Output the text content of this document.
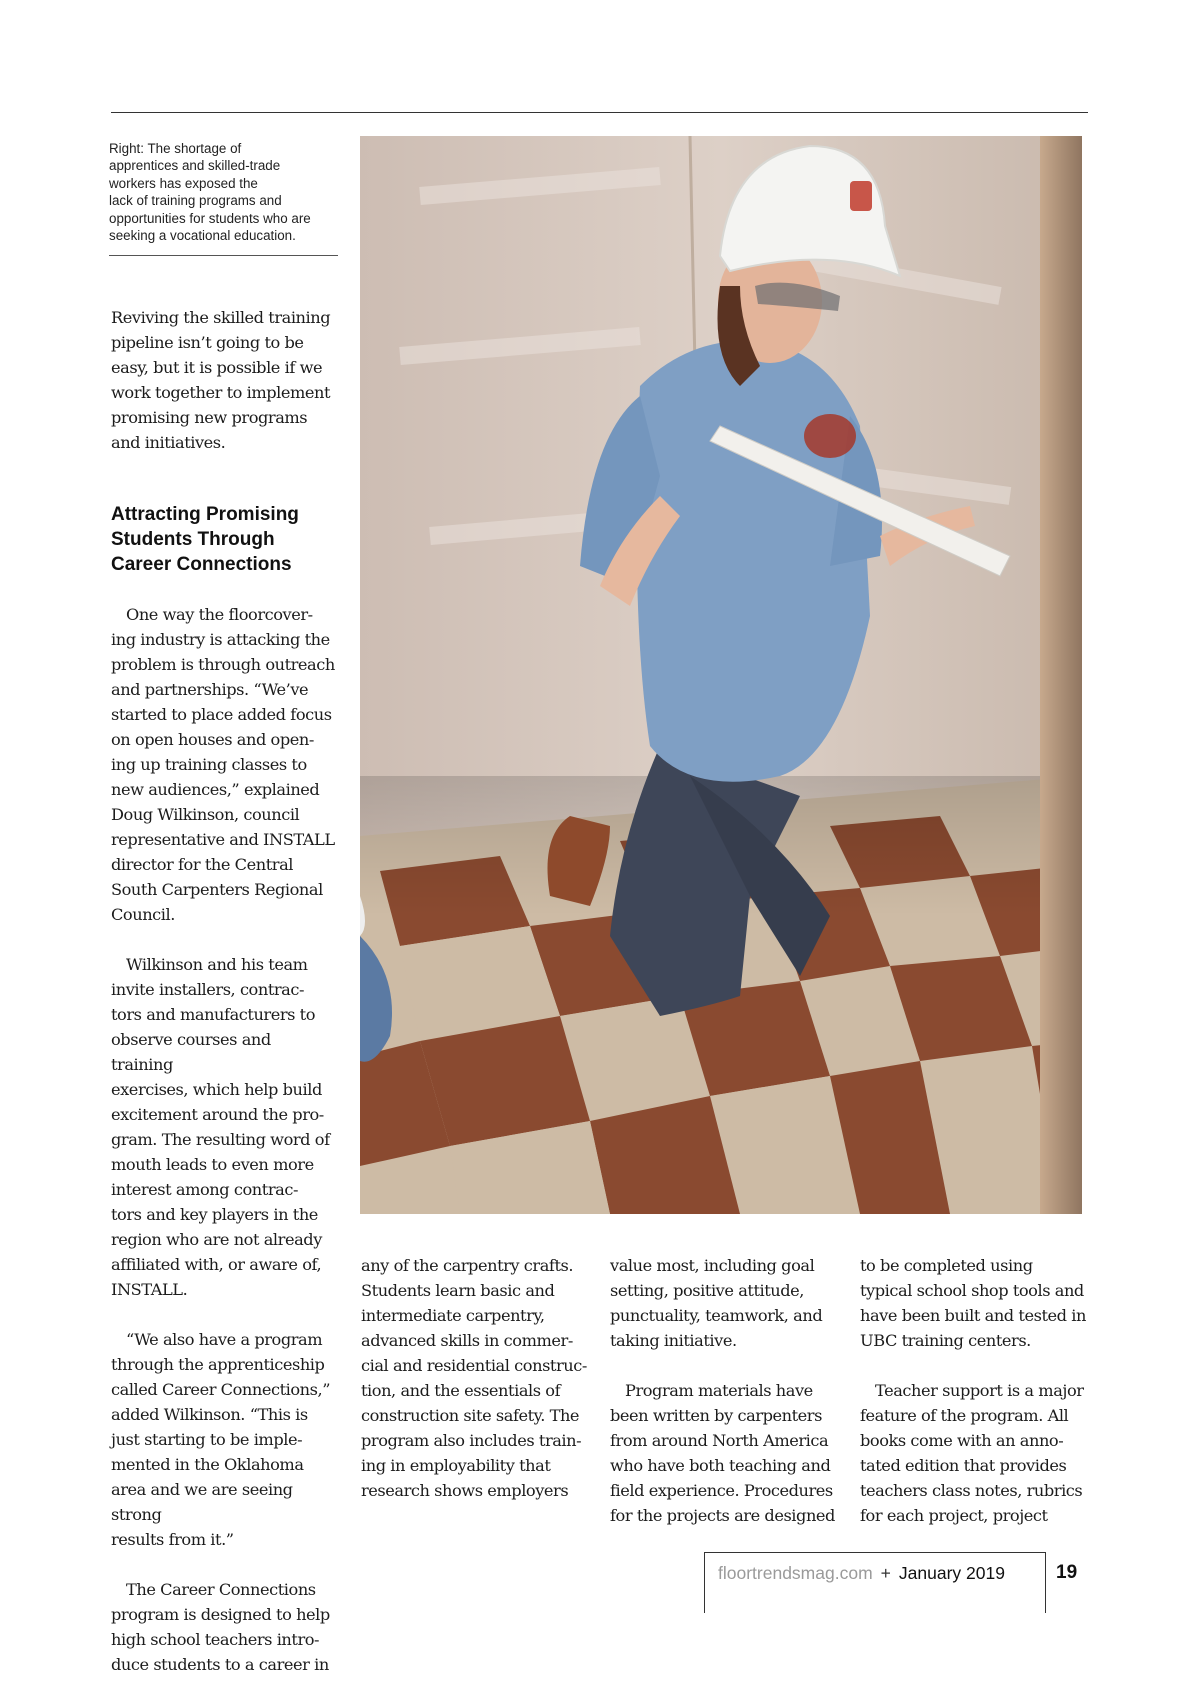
Right: The shortage of
apprentices and skilled-trade
workers has exposed the
lack of training programs and
opportunities for students who are
seeking a vocational education.

Reviving the skilled training
pipeline isn’t going to be
easy, but it is possible if we
work together to implement
promising new programs
and initiatives.

Attracting Promising
Students Through
Career Connections

One way the floorcover-
ing industry is attacking the
problem is through outreach
and partnerships. “We’ve
started to place added focus
on open houses and open-
ing up training classes to
new audiences,” explained
Doug Wilkinson, council
representative and INSTALL
director for the Central
South Carpenters Regional
Council.

Wilkinson and his team
invite installers, contrac-
tors and manufacturers to
observe courses and training
exercises, which help build
excitement around the pro-
gram. The resulting word of
mouth leads to even more
interest among contrac-
tors and key players in the
region who are not already
affiliated with, or aware of,
INSTALL.

“We also have a program
through the apprenticeship
called Career Connections,”
added Wilkinson. “This is
just starting to be imple-
mented in the Oklahoma
area and we are seeing strong
results from it.”

The Career Connections
program is designed to help
high school teachers intro-
duce students to a career in

any of the carpentry crafts.
Students learn basic and
intermediate carpentry,
advanced skills in commer-
cial and residential construc-
tion, and the essentials of
construction site safety. The
program also includes train-
ing in employability that
research shows employers

value most, including goal
setting, positive attitude,
punctuality, teamwork, and
taking initiative.

Program materials have
been written by carpenters
from around North America
who have both teaching and
field experience. Procedures
for the projects are designed

to be completed using
typical school shop tools and
have been built and tested in
UBC training centers.

Teacher support is a major
feature of the program. All
books come with an anno-
tated edition that provides
teachers class notes, rubrics
for each project, project

floortrendsmag.com + January 2019	19
